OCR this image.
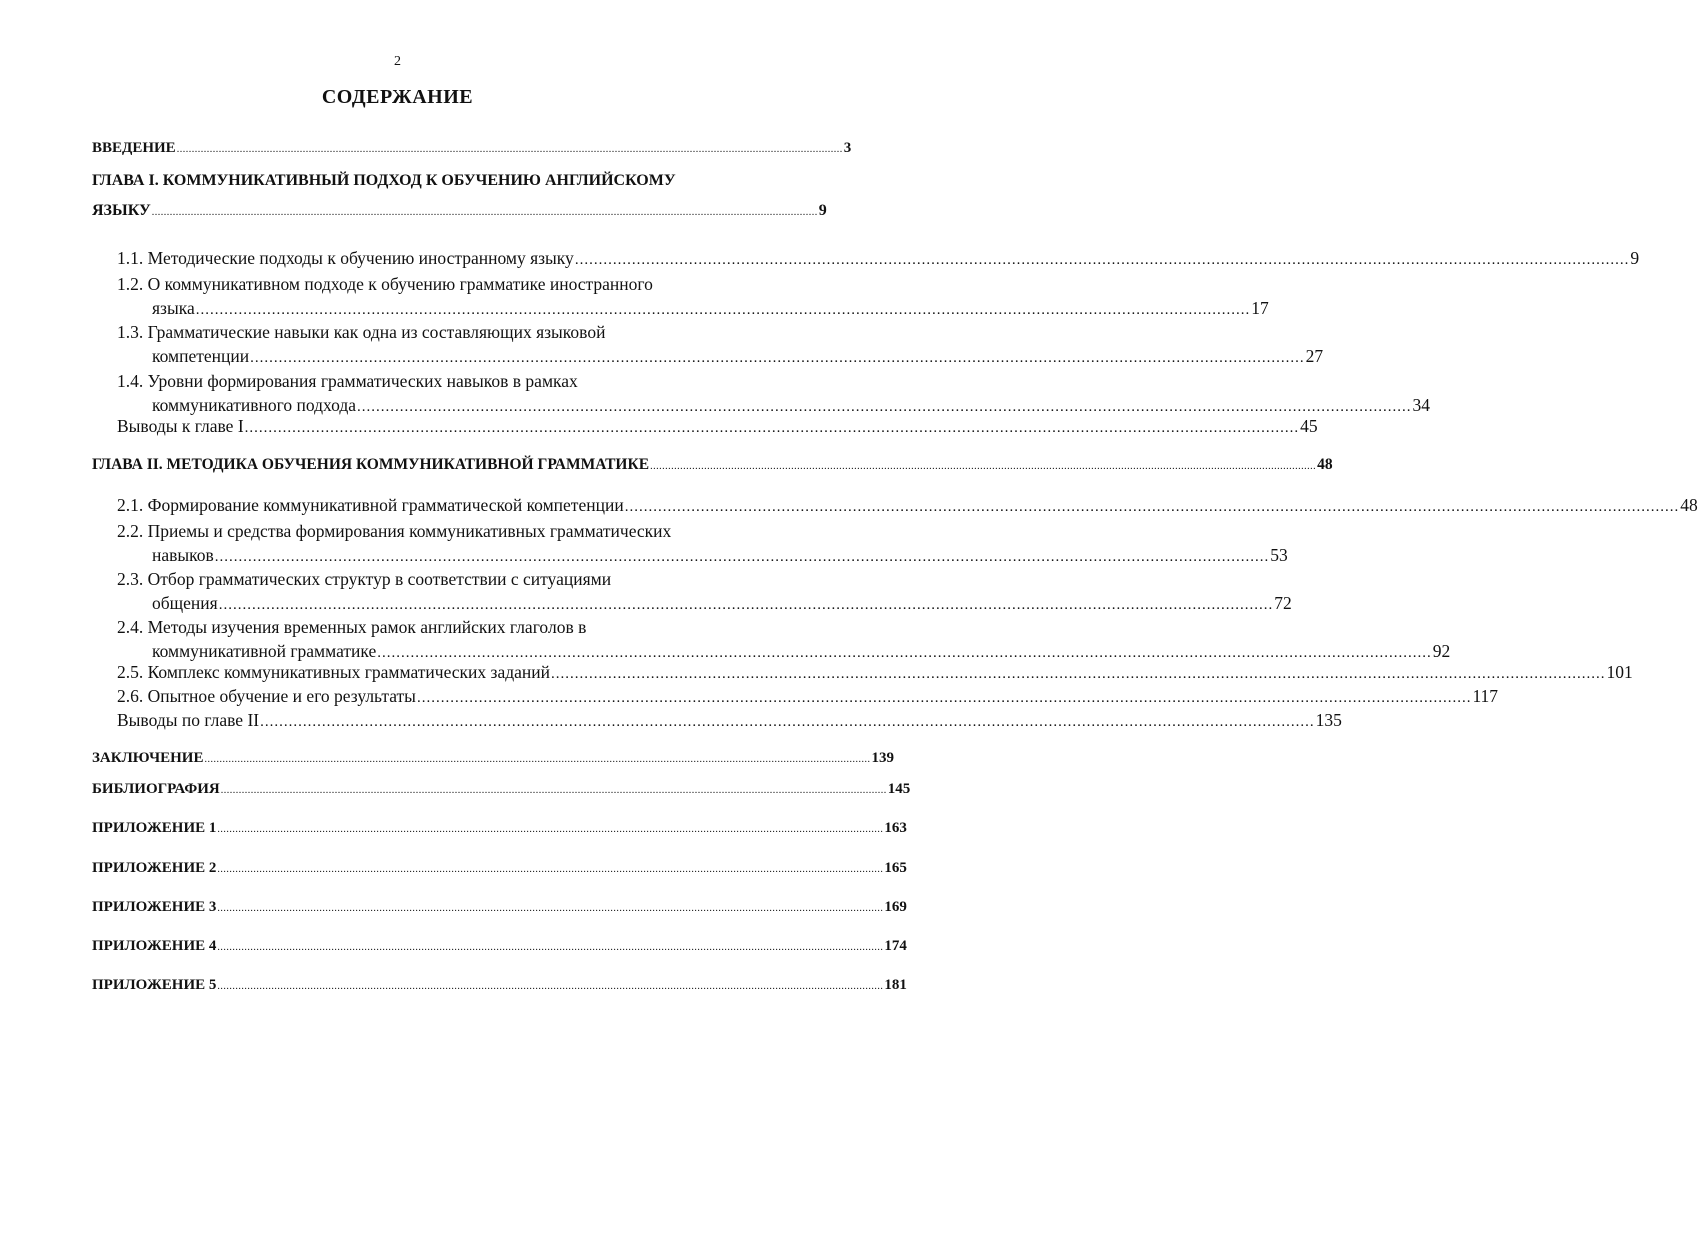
2
СОДЕРЖАНИЕ
ВВЕДЕНИЕ .............................................................................................................................................................................................................................. 3
ГЛАВА I. КОММУНИКАТИВНЫЙ ПОДХОД К ОБУЧЕНИЮ АНГЛИЙСКОМУ
ЯЗЫКУ .............................................................................................................................................................................................................................. 9
1.1. Методические подходы к обучению иностранному языку .............................................................................................................................................................................................................................. 9
1.2. О коммуникативном подходе к обучению грамматике иностранного
языка .............................................................................................................................................................................................................................. 17
1.3. Грамматические навыки как одна из составляющих языковой
компетенции .............................................................................................................................................................................................................................. 27
1.4. Уровни формирования грамматических навыков в рамках
коммуникативного подхода .............................................................................................................................................................................................................................. 34
Выводы к главе I .............................................................................................................................................................................................................................. 45
ГЛАВА II. МЕТОДИКА ОБУЧЕНИЯ КОММУНИКАТИВНОЙ ГРАММАТИКЕ .............................................................................................................................................................................................................................. 48
2.1. Формирование коммуникативной грамматической компетенции .............................................................................................................................................................................................................................. 48
2.2. Приемы и средства формирования коммуникативных грамматических
навыков .............................................................................................................................................................................................................................. 53
2.3. Отбор грамматических структур в соответствии с ситуациями
общения .............................................................................................................................................................................................................................. 72
2.4. Методы изучения временных рамок английских глаголов в
коммуникативной грамматике .............................................................................................................................................................................................................................. 92
2.5. Комплекс коммуникативных грамматических заданий .............................................................................................................................................................................................................................. 101
2.6. Опытное обучение и его результаты .............................................................................................................................................................................................................................. 117
Выводы по главе II .............................................................................................................................................................................................................................. 135
ЗАКЛЮЧЕНИЕ .............................................................................................................................................................................................................................. 139
БИБЛИОГРАФИЯ .............................................................................................................................................................................................................................. 145
ПРИЛОЖЕНИЕ 1 .............................................................................................................................................................................................................................. 163
ПРИЛОЖЕНИЕ 2 .............................................................................................................................................................................................................................. 165
ПРИЛОЖЕНИЕ 3 .............................................................................................................................................................................................................................. 169
ПРИЛОЖЕНИЕ 4 .............................................................................................................................................................................................................................. 174
ПРИЛОЖЕНИЕ 5 .............................................................................................................................................................................................................................. 181
